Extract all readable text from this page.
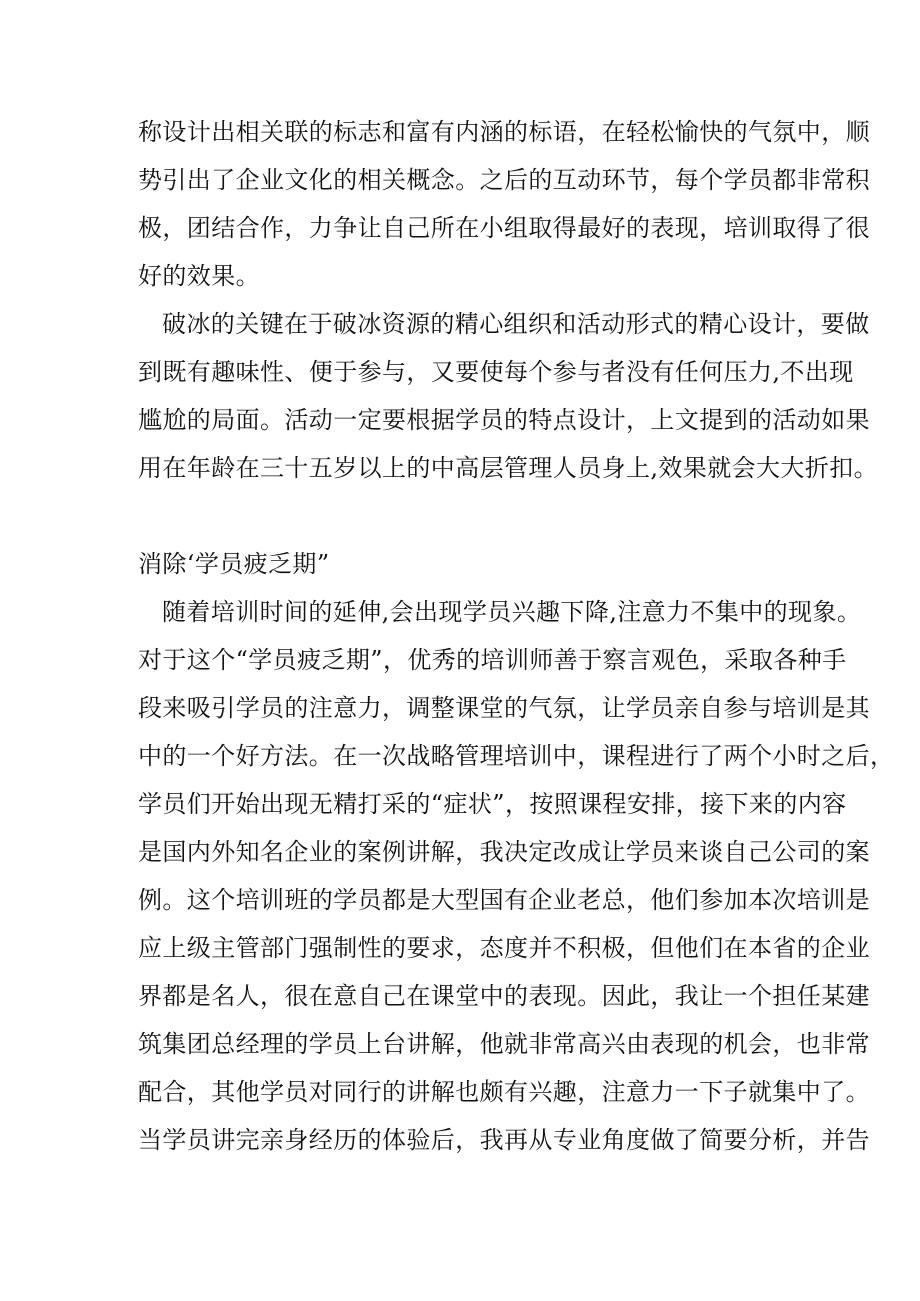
称设计出相关联的标志和富有内涵的标语，在轻松愉快的气氛中，顺
势引出了企业文化的相关概念。之后的互动环节，每个学员都非常积
极，团结合作，力争让自己所在小组取得最好的表现，培训取得了很
好的效果。
破冰的关键在于破冰资源的精心组织和活动形式的精心设计，要做
到既有趣味性、便于参与，又要使每个参与者没有任何压力,不出现
尴尬的局面。活动一定要根据学员的特点设计，上文提到的活动如果
用在年龄在三十五岁以上的中高层管理人员身上,效果就会大大折扣。
消除‘学员疲乏期”
随着培训时间的延伸,会出现学员兴趣下降,注意力不集中的现象。
对于这个“学员疲乏期”，优秀的培训师善于察言观色，采取各种手
段来吸引学员的注意力，调整课堂的气氛，让学员亲自参与培训是其
中的一个好方法。在一次战略管理培训中，课程进行了两个小时之后，
学员们开始出现无精打采的“症状”，按照课程安排，接下来的内容
是国内外知名企业的案例讲解，我决定改成让学员来谈自己公司的案
例。这个培训班的学员都是大型国有企业老总，他们参加本次培训是
应上级主管部门强制性的要求，态度并不积极，但他们在本省的企业
界都是名人，很在意自己在课堂中的表现。因此，我让一个担任某建
筑集团总经理的学员上台讲解，他就非常高兴由表现的机会，也非常
配合，其他学员对同行的讲解也颇有兴趣，注意力一下子就集中了。
当学员讲完亲身经历的体验后，我再从专业角度做了简要分析，并告
